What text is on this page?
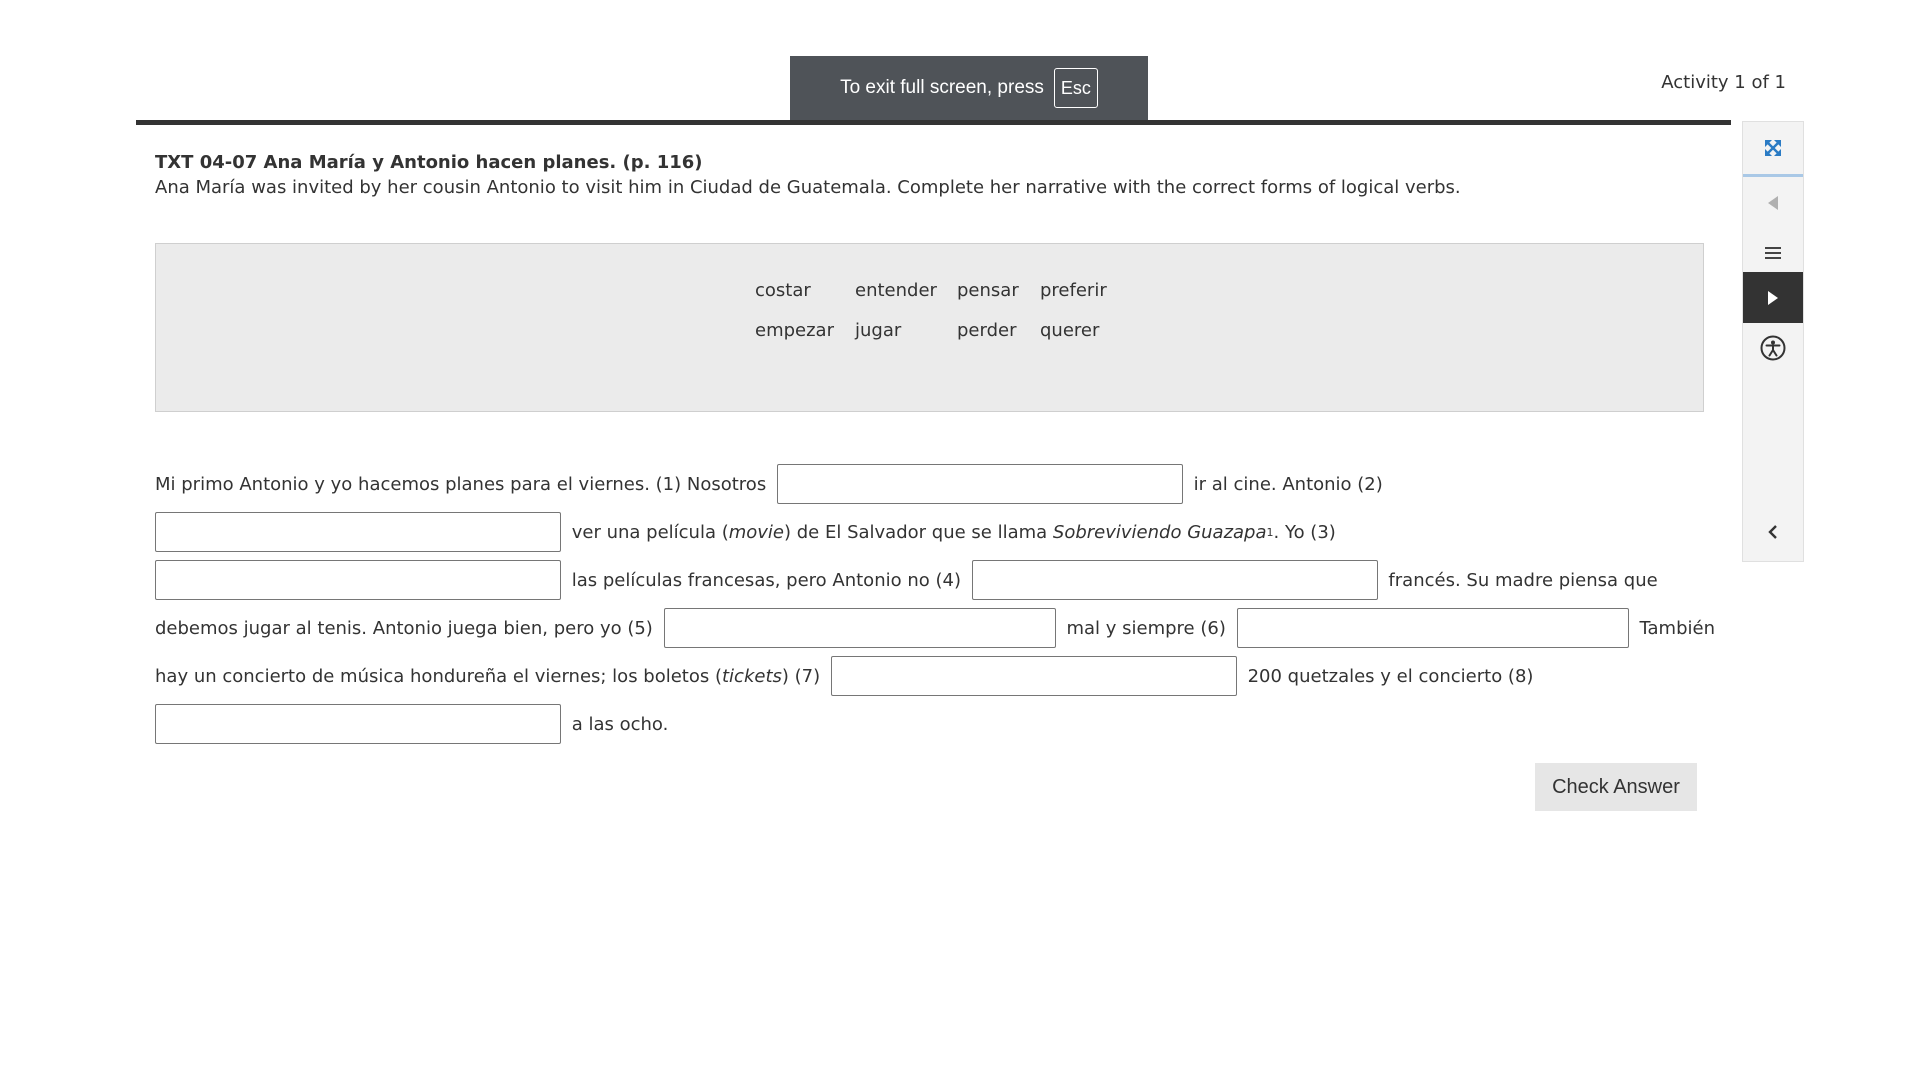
To exit full screen, press Esc	Activity 1 of 1
TXT 04-07 Ana María y Antonio hacen planes. (p. 116)
Ana María was invited by her cousin Antonio to visit him in Ciudad de Guatemala. Complete her narrative with the correct forms of logical verbs.
costar	entender	pensar	preferir
empezar	jugar	perder	querer
Mi primo Antonio y yo hacemos planes para el viernes. (1) Nosotros	ir al cine. Antonio (2)
ver una película ( movie ) de El Salvador que se llama Sobreviviendo Guazapa 1 . Yo (3)
las películas francesas, pero Antonio no (4)	francés. Su madre piensa que
debemos jugar al tenis. Antonio juega bien, pero yo (5)	mal y siempre (6)	También
hay un concierto de música hondureña el viernes; los boletos ( tickets ) (7)	200 quetzales y el concierto (8)
a las ocho.
Check Answer
